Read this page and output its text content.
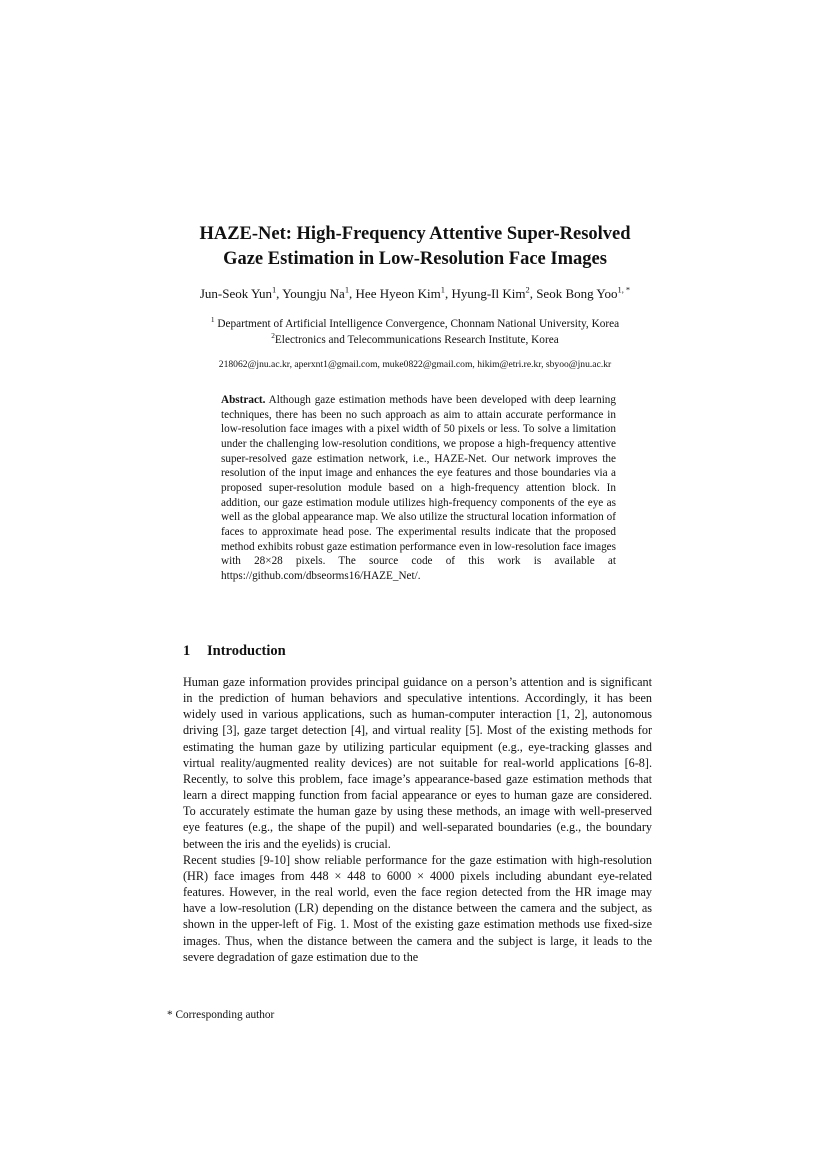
HAZE-Net: High-Frequency Attentive Super-Resolved
Gaze Estimation in Low-Resolution Face Images
Jun-Seok Yun$^1$, Youngju Na$^1$, Hee Hyeon Kim$^1$, Hyung-Il Kim$^2$, Seok Bong Yoo$^{1, *}$
$^1$ Department of Artificial Intelligence Convergence, Chonnam National University, Korea
$^2$Electronics and Telecommunications Research Institute, Korea
218062@jnu.ac.kr, aperxnt1@gmail.com, muke0822@gmail.com, hikim@etri.re.kr, sbyoo@jnu.ac.kr
Abstract. Although gaze estimation methods have been developed with deep learning techniques, there has been no such approach as aim to attain accurate performance in low-resolution face images with a pixel width of 50 pixels or less. To solve a limitation under the challenging low-resolution conditions, we propose a high-frequency attentive super-resolved gaze estimation network, i.e., HAZE-Net. Our network improves the resolution of the input image and enhances the eye features and those boundaries via a proposed super-resolution module based on a high-frequency attention block. In addition, our gaze estimation module utilizes high-frequency components of the eye as well as the global appearance map. We also utilize the structural location information of faces to approximate head pose. The experimental results indicate that the proposed method exhibits robust gaze estimation performance even in low-resolution face images with 28×28 pixels. The source code of this work is available at https://github.com/dbseorms16/HAZE_Net/.
1 Introduction

Human gaze information provides principal guidance on a person’s attention and is significant in the prediction of human behaviors and speculative intentions. Accordingly, it has been widely used in various applications, such as human-computer interaction [1, 2], autonomous driving [3], gaze target detection [4], and virtual reality [5]. Most of the existing methods for estimating the human gaze by utilizing particular equipment (e.g., eye-tracking glasses and virtual reality/augmented reality devices) are not suitable for real-world applications [6-8]. Recently, to solve this problem, face image’s appearance-based gaze estimation methods that learn a direct mapping function from facial appearance or eyes to human gaze are considered. To accurately estimate the human gaze by using these methods, an image with well-preserved eye features (e.g., the shape of the pupil) and well-separated boundaries (e.g., the boundary between the iris and the eyelids) is crucial.

Recent studies [9-10] show reliable performance for the gaze estimation with high-resolution (HR) face images from 448 × 448 to 6000 × 4000 pixels including abundant eye-related features. However, in the real world, even the face region detected from the HR image may have a low-resolution (LR) depending on the distance between the camera and the subject, as shown in the upper-left of Fig. 1. Most of the existing gaze estimation methods use fixed-size images. Thus, when the distance between the camera and the subject is large, it leads to the severe degradation of gaze estimation due to the

* Corresponding author
